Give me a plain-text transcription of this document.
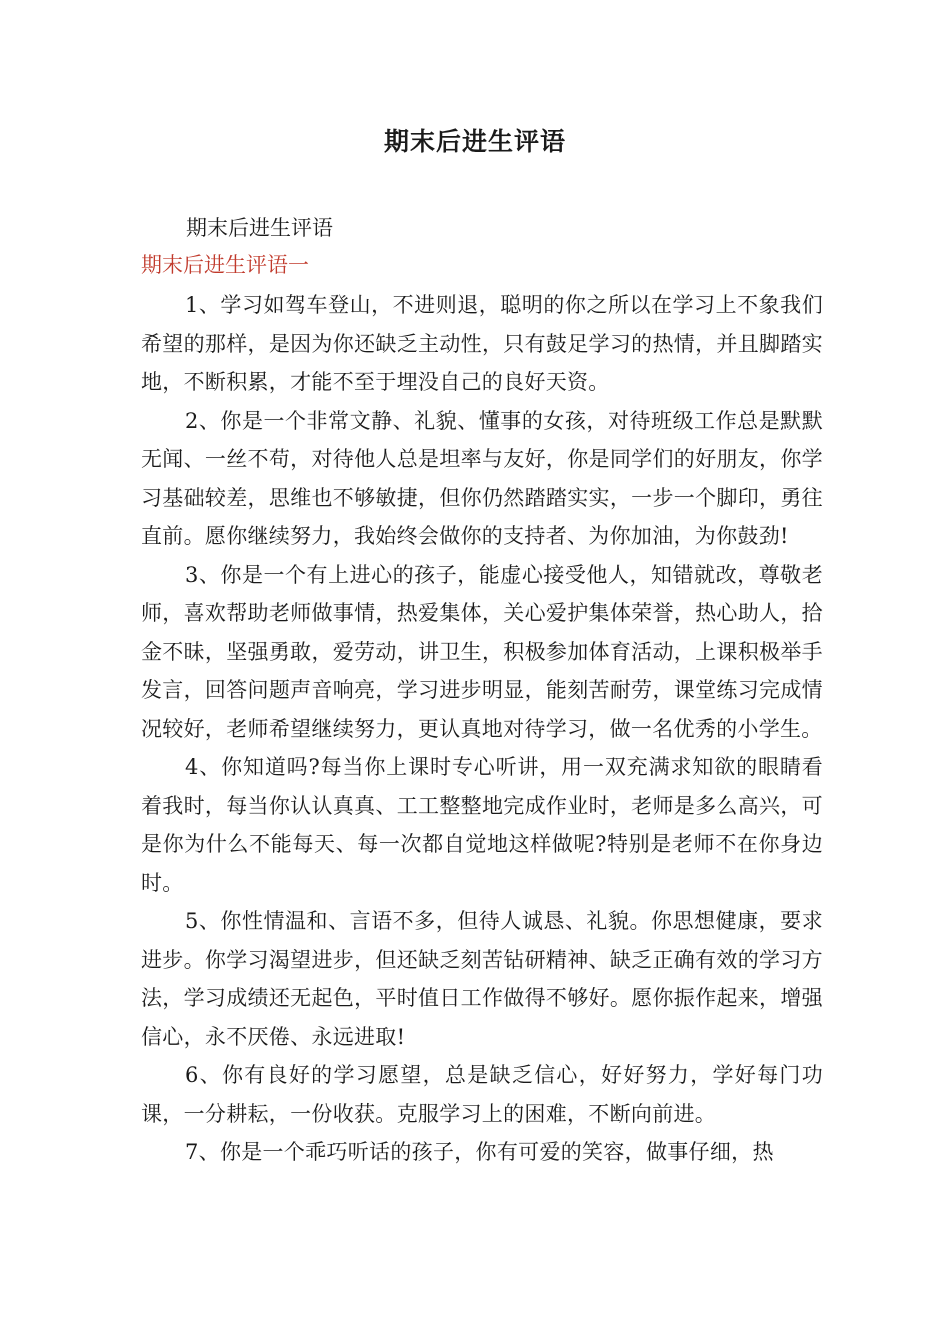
期末后进生评语
期末后进生评语
期末后进生评语一

1、学习如驾车登山，不进则退，聪明的你之所以在学习上不象我们希望的那样，是因为你还缺乏主动性，只有鼓足学习的热情，并且脚踏实地，不断积累，才能不至于埋没自己的良好天资。

2、你是一个非常文静、礼貌、懂事的女孩，对待班级工作总是默默无闻、一丝不苟，对待他人总是坦率与友好，你是同学们的好朋友，你学习基础较差，思维也不够敏捷，但你仍然踏踏实实，一步一个脚印，勇往直前。愿你继续努力，我始终会做你的支持者、为你加油，为你鼓劲!

3、你是一个有上进心的孩子，能虚心接受他人，知错就改，尊敬老师，喜欢帮助老师做事情，热爱集体，关心爱护集体荣誉，热心助人，拾金不昧，坚强勇敢，爱劳动，讲卫生，积极参加体育活动，上课积极举手发言，回答问题声音响亮，学习进步明显，能刻苦耐劳，课堂练习完成情况较好，老师希望继续努力，更认真地对待学习，做一名优秀的小学生。

4、你知道吗?每当你上课时专心听讲，用一双充满求知欲的眼睛看着我时，每当你认认真真、工工整整地完成作业时，老师是多么高兴，可是你为什么不能每天、每一次都自觉地这样做呢?特别是老师不在你身边时。

5、你性情温和、言语不多，但待人诚恳、礼貌。你思想健康，要求进步。你学习渴望进步，但还缺乏刻苦钻研精神、缺乏正确有效的学习方法，学习成绩还无起色，平时值日工作做得不够好。愿你振作起来，增强信心，永不厌倦、永远进取!

6、你有良好的学习愿望，总是缺乏信心，好好努力，学好每门功课，一分耕耘，一份收获。克服学习上的困难，不断向前进。

7、你是一个乖巧听话的孩子，你有可爱的笑容，做事仔细，热
